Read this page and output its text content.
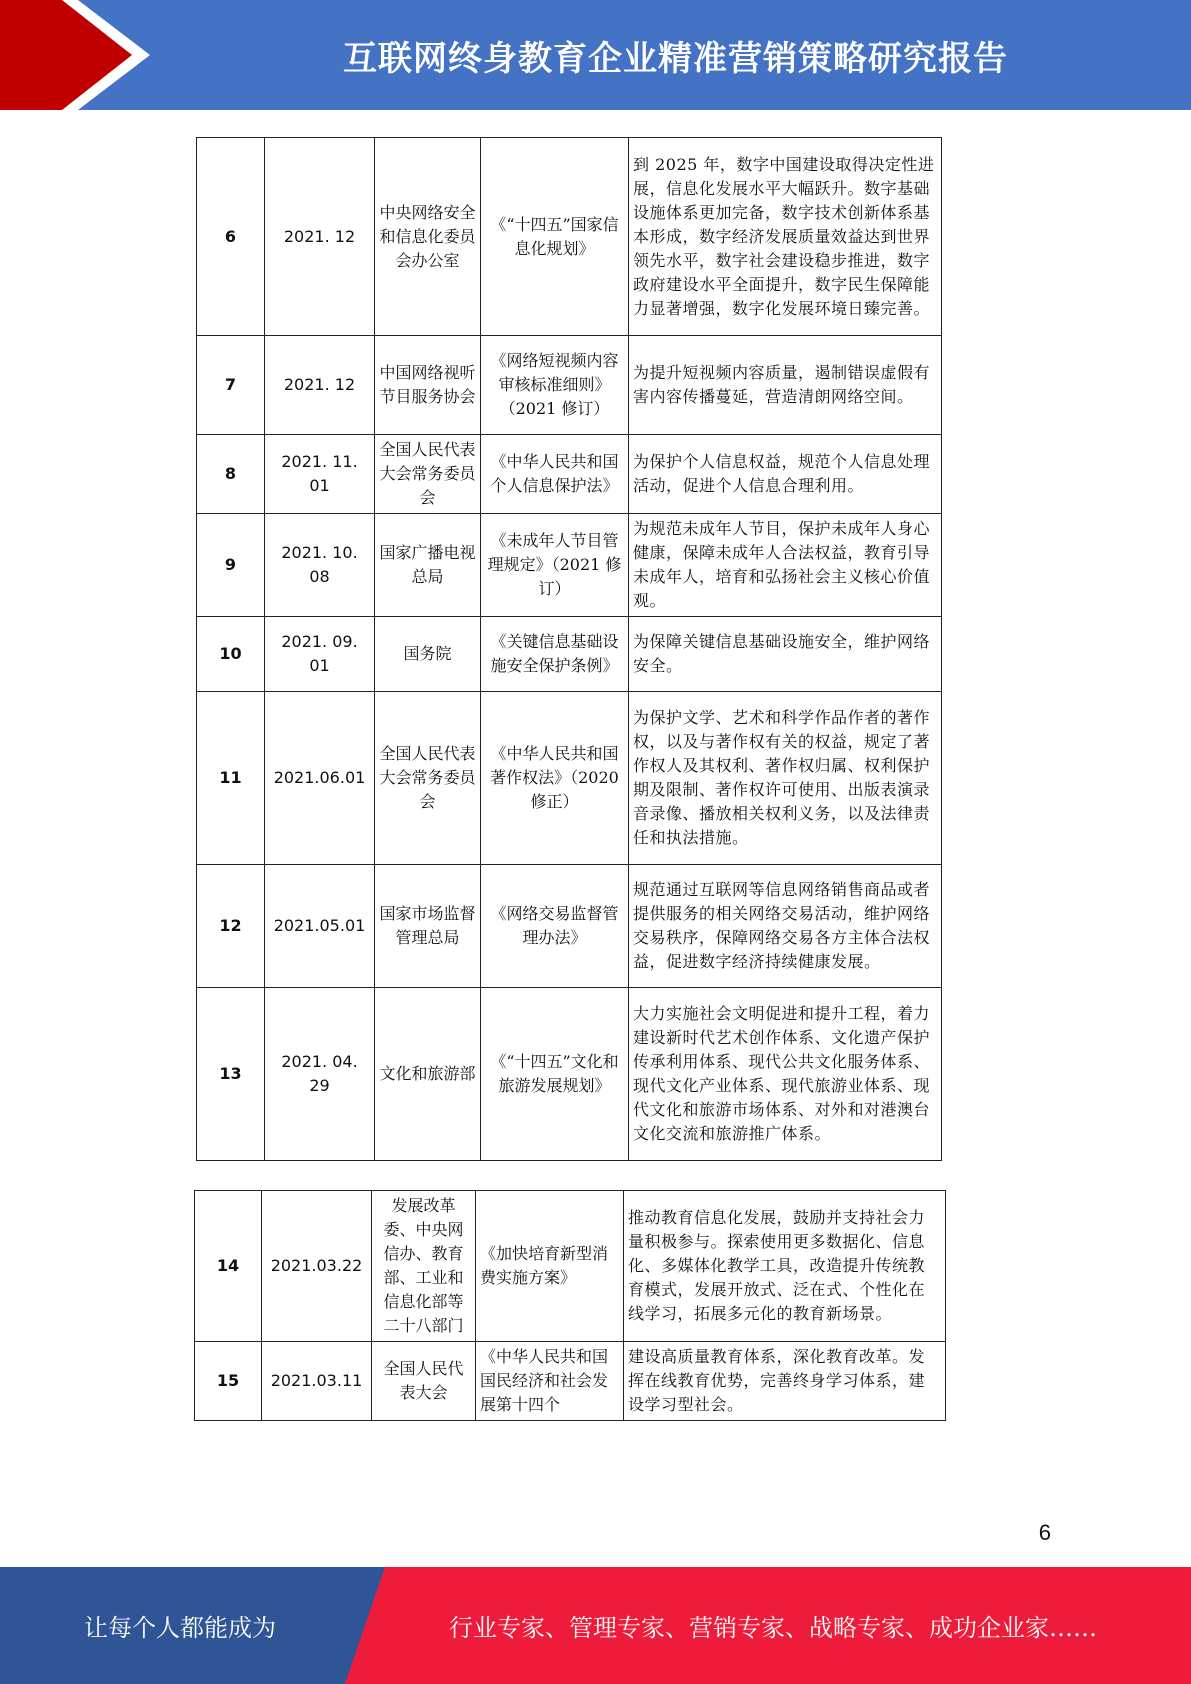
互联网终身教育企业精准营销策略研究报告
6	2021. 12	中央网络安全和信息化委员会办公室	《“十四五”国家信息化规划》	到 2025 年，数字中国建设取得决定性进展，信息化发展水平大幅跃升。数字基础设施体系更加完备，数字技术创新体系基本形成，数字经济发展质量效益达到世界领先水平，数字社会建设稳步推进，数字政府建设水平全面提升，数字民生保障能力显著增强，数字化发展环境日臻完善。
7	2021. 12	中国网络视听节目服务协会	《网络短视频内容审核标准细则》（2021 修订）	为提升短视频内容质量，遏制错误虚假有害内容传播蔓延，营造清朗网络空间。
8	2021. 11. 01	全国人民代表大会常务委员会	《中华人民共和国个人信息保护法》	为保护个人信息权益，规范个人信息处理活动，促进个人信息合理利用。
9	2021. 10. 08	国家广播电视总局	《未成年人节目管理规定》（2021 修订）	为规范未成年人节目，保护未成年人身心健康，保障未成年人合法权益，教育引导未成年人，培育和弘扬社会主义核心价值观。
10	2021. 09. 01	国务院	《关键信息基础设施安全保护条例》	为保障关键信息基础设施安全，维护网络安全。
11	2021.06.01	全国人民代表大会常务委员会	《中华人民共和国著作权法》（2020 修正）	为保护文学、艺术和科学作品作者的著作权，以及与著作权有关的权益，规定了著作权人及其权利、著作权归属、权利保护期及限制、著作权许可使用、出版表演录音录像、播放相关权利义务，以及法律责任和执法措施。
12	2021.05.01	国家市场监督管理总局	《网络交易监督管理办法》	规范通过互联网等信息网络销售商品或者提供服务的相关网络交易活动，维护网络交易秩序，保障网络交易各方主体合法权益，促进数字经济持续健康发展。
13	2021. 04. 29	文化和旅游部	《“十四五”文化和旅游发展规划》	大力实施社会文明促进和提升工程，着力建设新时代艺术创作体系、文化遗产保护传承利用体系、现代公共文化服务体系、现代文化产业体系、现代旅游业体系、现代文化和旅游市场体系、对外和对港澳台文化交流和旅游推广体系。
14	2021.03.22	发展改革委、中央网信办、教育部、工业和信息化部等二十八部门	《加快培育新型消费实施方案》	推动教育信息化发展，鼓励并支持社会力量积极参与。探索使用更多数据化、信息化、多媒体化教学工具，改造提升传统教育模式，发展开放式、泛在式、个性化在线学习，拓展多元化的教育新场景。
15	2021.03.11	全国人民代表大会	《中华人民共和国国民经济和社会发展第十四个	建设高质量教育体系，深化教育改革。发挥在线教育优势，完善终身学习体系，建设学习型社会。
6
让每个人都能成为	行业专家、管理专家、营销专家、战略专家、成功企业家……
